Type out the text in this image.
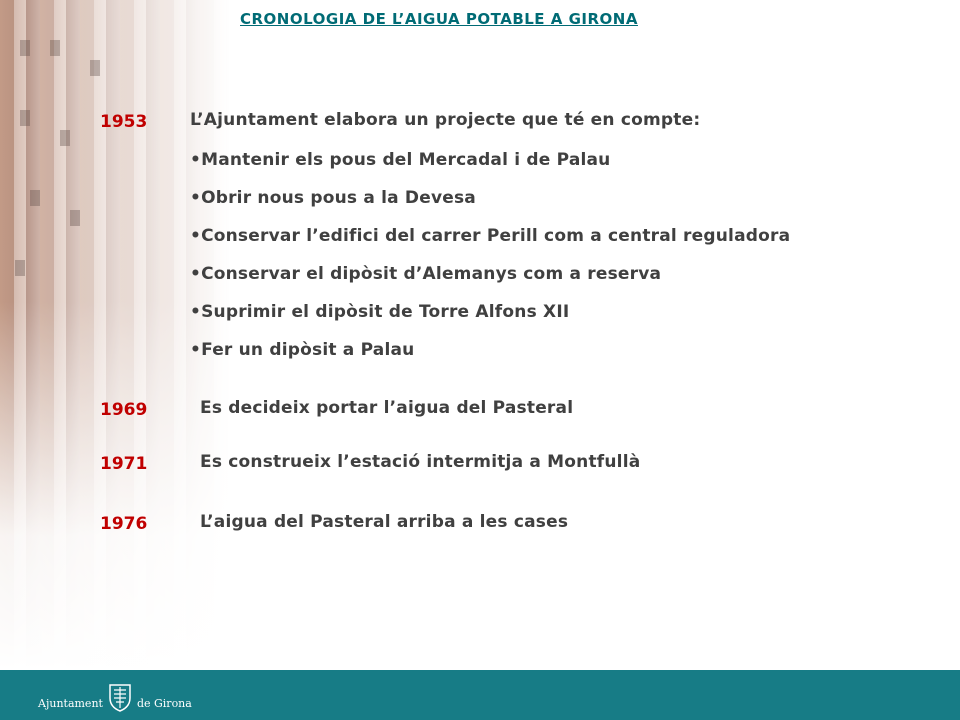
CRONOLOGIA DE L’AIGUA POTABLE A GIRONA
1953	L’Ajuntament elabora un projecte que té en compte:
•Mantenir els pous del Mercadal i de Palau
•Obrir nous pous a la Devesa
•Conservar l’edifici del carrer Perill com a central reguladora
•Conservar el dipòsit d’Alemanys com a reserva
•Suprimir el dipòsit de Torre Alfons XII
•Fer un dipòsit a Palau
1969	Es decideix portar l’aigua del Pasteral
1971	Es construeix l’estació intermitja a Montfullà
1976	L’aigua del Pasteral arriba a les cases
Ajuntament	de Girona
